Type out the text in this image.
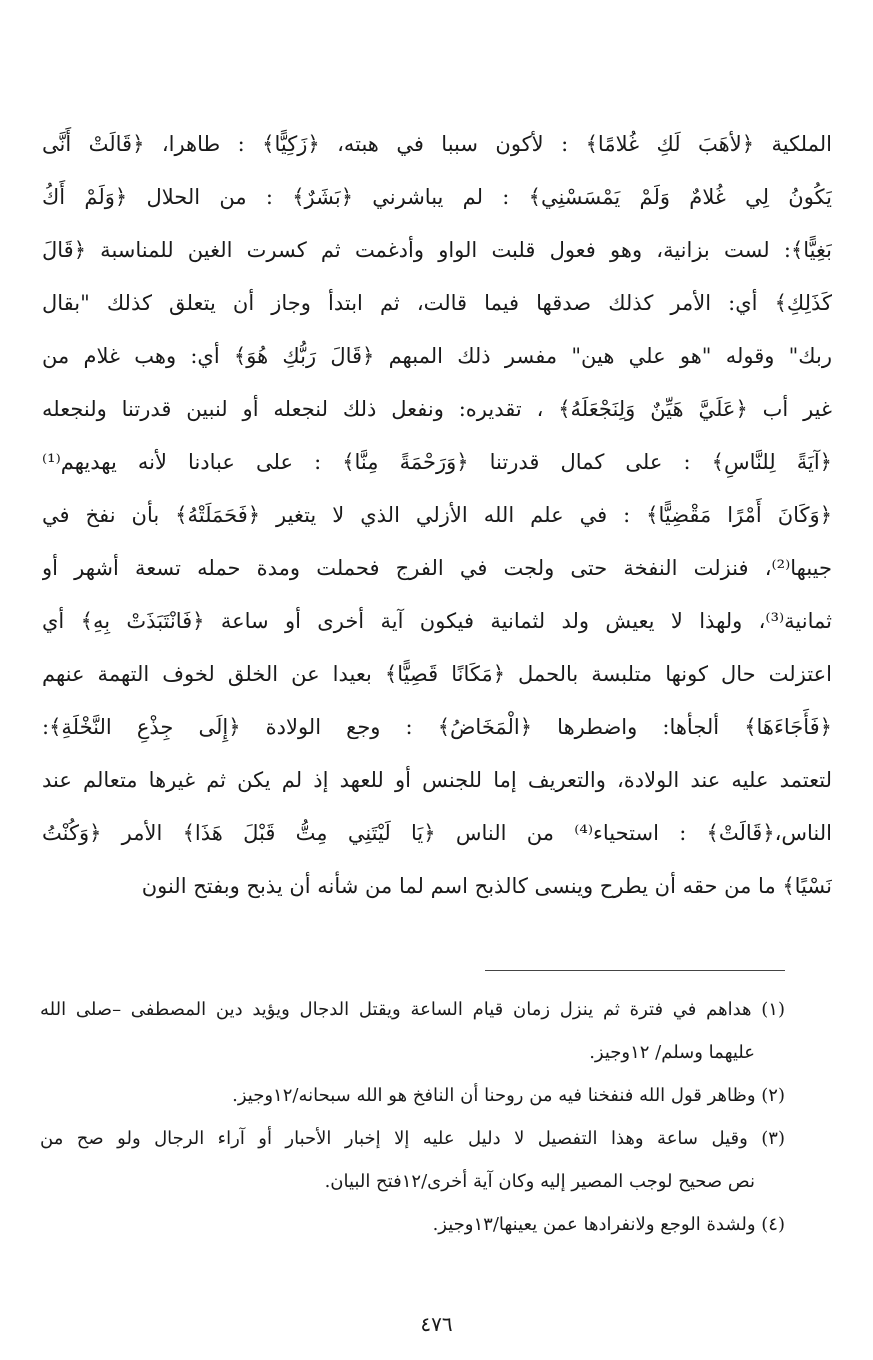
الملكية ﴿لأهَبَ لَكِ غُلامًا﴾ : لأكون سببا في هبته، ﴿زَكِيًّا﴾ : طاهرا، ﴿قَالَتْ أَنَّى
يَكُونُ لِي غُلامٌ وَلَمْ يَمْسَسْنِي﴾ : لم يباشرني ﴿بَشَرٌ﴾ : من الحلال ﴿وَلَمْ أَكُ
بَغِيًّا﴾: لست بزانية، وهو فعول قلبت الواو وأدغمت ثم كسرت الغين للمناسبة ﴿قَالَ
كَذَلِكِ﴾ أي: الأمر كذلك صدقها فيما قالت، ثم ابتدأ وجاز أن يتعلق كذلك "بقال
ربك" وقوله "هو علي هين" مفسر ذلك المبهم ﴿قَالَ رَبُّكِ هُوَ﴾ أي: وهب غلام من
غير أب ﴿عَلَيَّ هَيِّنٌ وَلِنَجْعَلَهُ﴾ ، تقديره: ونفعل ذلك لنجعله أو لنبين قدرتنا ولنجعله
﴿آيَةً لِلنَّاسِ﴾ : على كمال قدرتنا ﴿وَرَحْمَةً مِنَّا﴾ : على عبادنا لأنه يهديهم⁽¹⁾
﴿وَكَانَ أَمْرًا مَقْضِيًّا﴾ : في علم الله الأزلي الذي لا يتغير ﴿فَحَمَلَتْهُ﴾ بأن نفخ في
جيبها⁽²⁾، فنزلت النفخة حتى ولجت في الفرج فحملت ومدة حمله تسعة أشهر أو
ثمانية⁽³⁾، ولهذا لا يعيش ولد لثمانية فيكون آية أخرى أو ساعة ﴿فَانْتَبَذَتْ بِهِ﴾ أي
اعتزلت حال كونها متلبسة بالحمل ﴿مَكَانًا قَصِيًّا﴾ بعيدا عن الخلق لخوف التهمة عنهم
﴿فَأَجَاءَهَا﴾ ألجأها: واضطرها ﴿الْمَخَاضُ﴾ : وجع الولادة ﴿إِلَى جِذْعِ النَّخْلَةِ﴾:
لتعتمد عليه عند الولادة، والتعريف إما للجنس أو للعهد إذ لم يكن ثم غيرها متعالم عند
الناس،﴿قَالَتْ﴾ : استحياء⁽⁴⁾ من الناس ﴿يَا لَيْتَنِي مِتُّ قَبْلَ هَذَا﴾ الأمر ﴿وَكُنْتُ
نَسْيًا﴾ ما من حقه أن يطرح وينسى كالذبح اسم لما من شأنه أن يذبح وبفتح النون
(١) هداهم في فترة ثم ينزل زمان قيام الساعة ويقتل الدجال ويؤيد دين المصطفى –صلى الله
عليهما وسلم/ ١٢وجيز.
(٢) وظاهر قول الله فنفخنا فيه من روحنا أن النافخ هو الله سبحانه/١٢وجيز.
(٣) وقيل ساعة وهذا التفصيل لا دليل عليه إلا إخبار الأحبار أو آراء الرجال ولو صح من
نص صحيح لوجب المصير إليه وكان آية أخرى/١٢فتح البيان.
(٤) ولشدة الوجع ولانفرادها عمن يعينها/١٣وجيز.
٤٧٦
